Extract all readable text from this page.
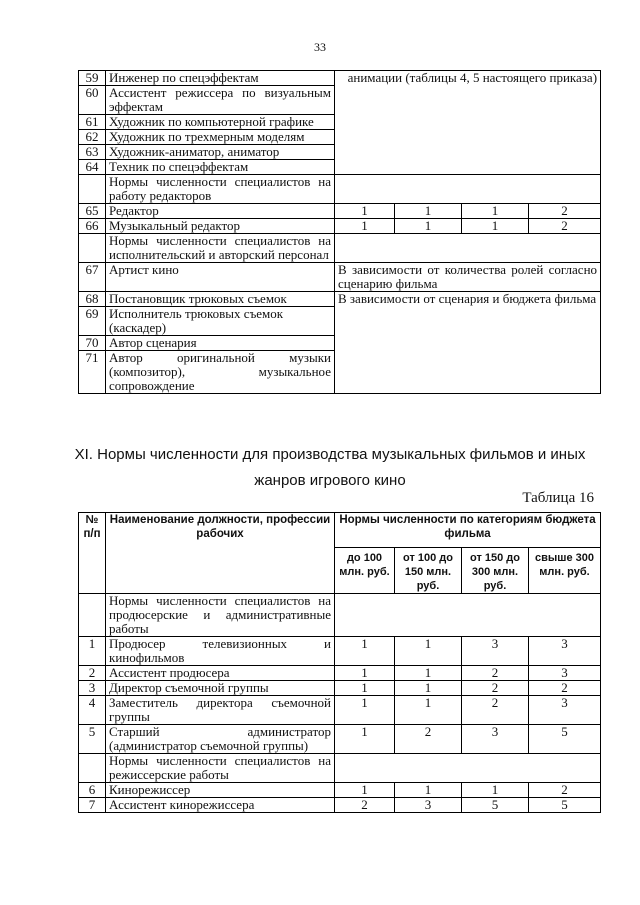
33
59	Инженер по спецэффектам	анимации (таблицы 4, 5 настоящего приказа)			
60	Ассистент режиссера по визуальным эффектам				
61	Художник по компьютерной графике				
62	Художник по трехмерным моделям				
63	Художник-аниматор, аниматор				
64	Техник по спецэффектам				
	Нормы численности специалистов на работу редакторов				
65	Редактор	1	1	1	2
66	Музыкальный редактор	1	1	1	2
	Нормы численности специалистов на исполнительский и авторский персонал				
67	Артист кино	В зависимости от количества ролей согласно сценарию фильма			
68	Постановщик трюковых съемок	В зависимости от сценария и бюджета фильма			
69	Исполнитель трюковых съемок (каскадер)				
70	Автор сценария				
71	Автор оригинальной музыки (композитор), музыкальное сопровождение				
XI. Нормы численности для производства музыкальных фильмов и иных
жанров игрового кино
Таблица 16
№ п/п	Наименование должности, профессии рабочих	Нормы численности по категориям бюджета фильма			
		до 100 млн. руб.	от 100 до 150 млн. руб.	от 150 до 300 млн. руб.	свыше 300 млн. руб.
	Нормы численности специалистов на продюсерские и административные работы				
1	Продюсер телевизионных и кинофильмов	1	1	3	3
2	Ассистент продюсера	1	1	2	3
3	Директор съемочной группы	1	1	2	2
4	Заместитель директора съемочной группы	1	1	2	3
5	Старший администратор (администратор съемочной группы)	1	2	3	5
	Нормы численности специалистов на режиссерские работы				
6	Кинорежиссер	1	1	1	2
7	Ассистент кинорежиссера	2	3	5	5
